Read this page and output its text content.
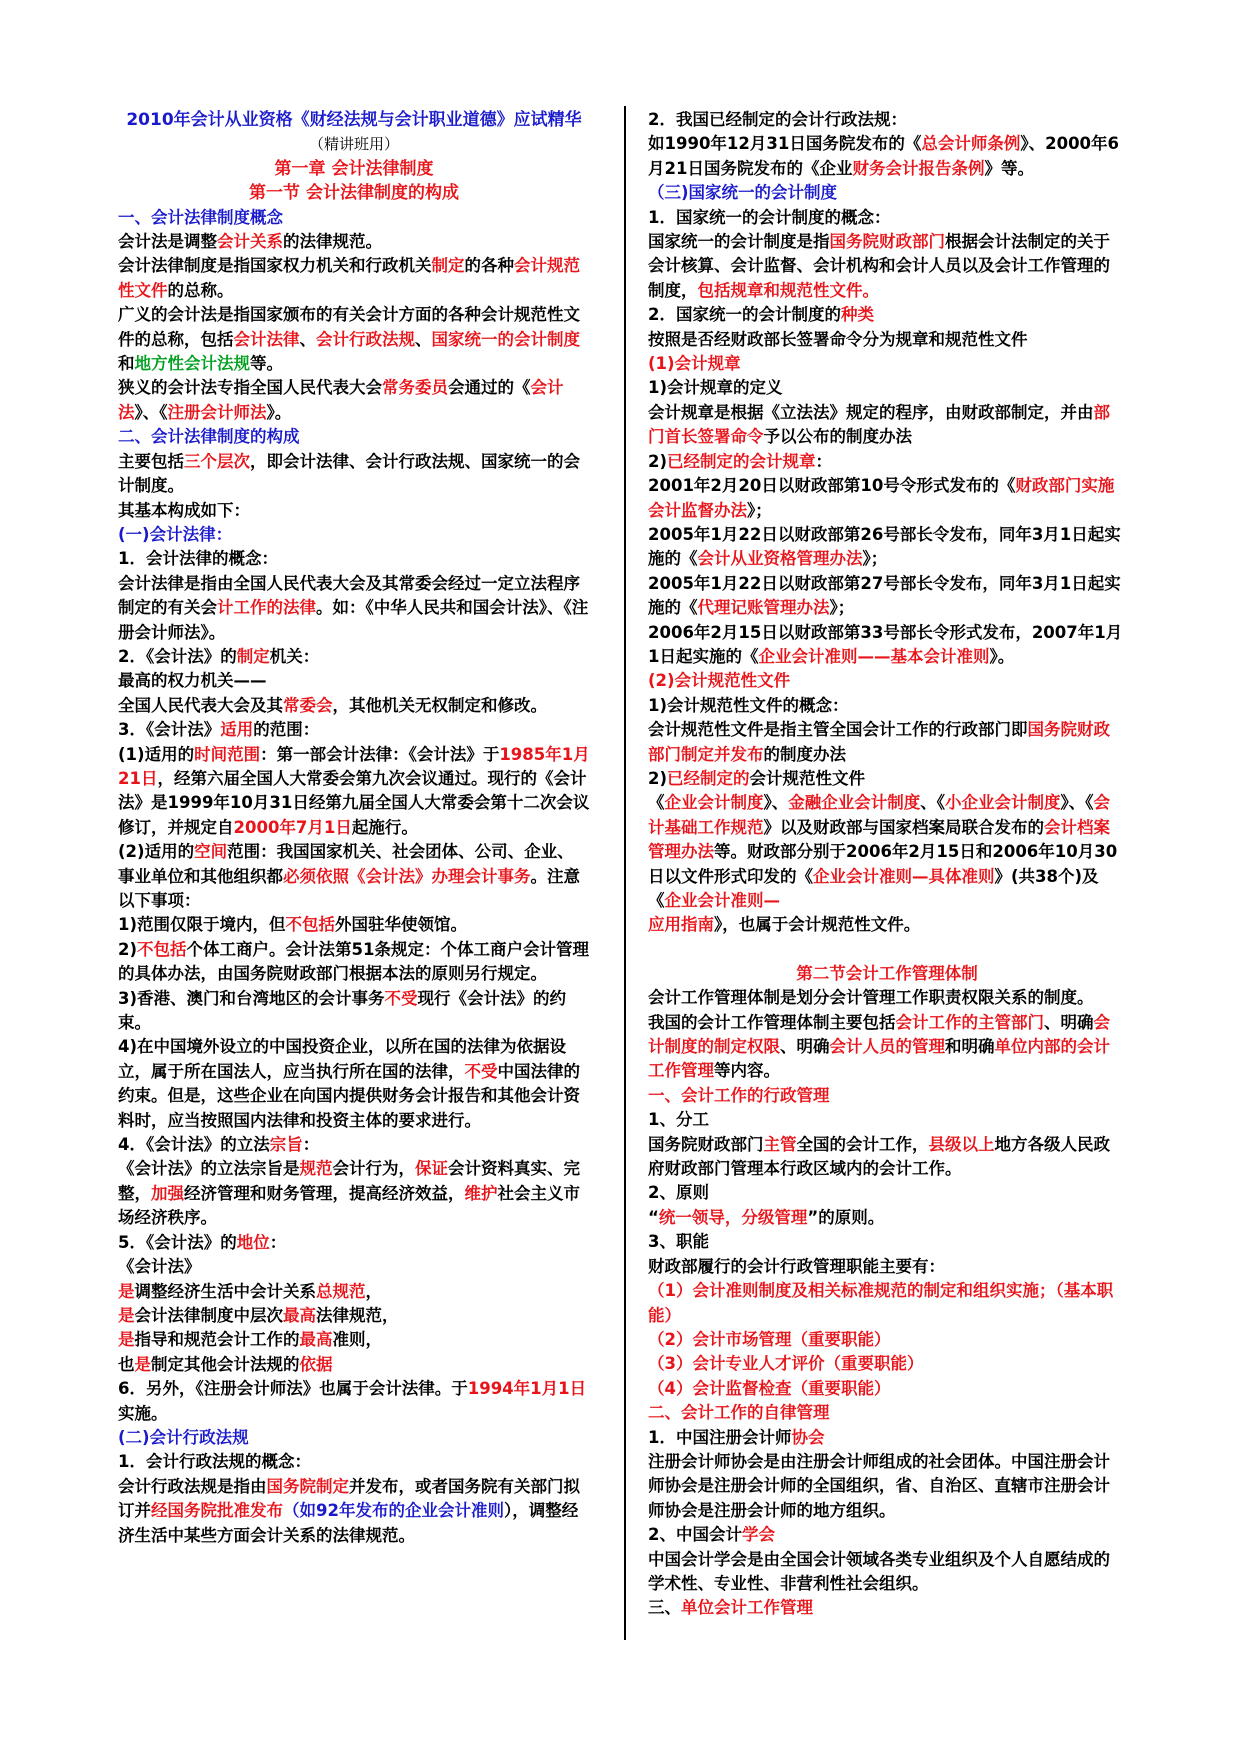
2010年会计从业资格《财经法规与会计职业道德》应试精华
（精讲班用）
第一章 会计法律制度
第一节 会计法律制度的构成
一、会计法律制度概念
会计法是调整会计关系的法律规范。
会计法律制度是指国家权力机关和行政机关制定的各种会计规范性文件的总称。
广义的会计法是指国家颁布的有关会计方面的各种会计规范性文件的总称，包括会计法律、会计行政法规、国家统一的会计制度和地方性会计法规等。
狭义的会计法专指全国人民代表大会常务委员会通过的《会计法》、《注册会计师法》。
二、会计法律制度的构成
主要包括三个层次，即会计法律、会计行政法规、国家统一的会计制度。
其基本构成如下：
(一)会计法律：
1．会计法律的概念：
会计法律是指由全国人民代表大会及其常委会经过一定立法程序制定的有关会计工作的法律。如：《中华人民共和国会计法》、《注册会计师法》。
2．《会计法》的制定机关：
最高的权力机关——
全国人民代表大会及其常委会，其他机关无权制定和修改。
3．《会计法》适用的范围：
(1)适用的时间范围：第一部会计法律：《会计法》于1985年1月21日，经第六届全国人大常委会第九次会议通过。现行的《会计法》是1999年10月31日经第九届全国人大常委会第十二次会议修订，并规定自2000年7月1日起施行。
(2)适用的空间范围：我国国家机关、社会团体、公司、企业、事业单位和其他组织都必须依照《会计法》办理会计事务。注意以下事项：
1)范围仅限于境内，但不包括外国驻华使领馆。
2)不包括个体工商户。会计法第51条规定：个体工商户会计管理的具体办法，由国务院财政部门根据本法的原则另行规定。
3)香港、澳门和台湾地区的会计事务不受现行《会计法》的约束。
4)在中国境外设立的中国投资企业，以所在国的法律为依据设立，属于所在国法人，应当执行所在国的法律，不受中国法律的约束。但是，这些企业在向国内提供财务会计报告和其他会计资料时，应当按照国内法律和投资主体的要求进行。
4．《会计法》的立法宗旨：
《会计法》的立法宗旨是规范会计行为，保证会计资料真实、完整，加强经济管理和财务管理，提高经济效益，维护社会主义市场经济秩序。
5．《会计法》的地位：
《会计法》
是调整经济生活中会计关系总规范，
是会计法律制度中层次最高法律规范，
是指导和规范会计工作的最高准则，
也是制定其他会计法规的依据
6．另外，《注册会计师法》也属于会计法律。于1994年1月1日实施。
(二)会计行政法规
1．会计行政法规的概念：
会计行政法规是指由国务院制定并发布，或者国务院有关部门拟订并经国务院批准发布（如92年发布的企业会计准则），调整经济生活中某些方面会计关系的法律规范。
2．我国已经制定的会计行政法规：
如1990年12月31日国务院发布的《总会计师条例》、2000年6月21日国务院发布的《企业财务会计报告条例》等。
（三)国家统一的会计制度
1．国家统一的会计制度的概念：
国家统一的会计制度是指国务院财政部门根据会计法制定的关于会计核算、会计监督、会计机构和会计人员以及会计工作管理的制度，包括规章和规范性文件。
2．国家统一的会计制度的种类
按照是否经财政部长签署命令分为规章和规范性文件
(1)会计规章
1)会计规章的定义
会计规章是根据《立法法》规定的程序，由财政部制定，并由部门首长签署命令予以公布的制度办法
2)已经制定的会计规章：
2001年2月20日以财政部第10号令形式发布的《财政部门实施会计监督办法》；
2005年1月22日以财政部第26号部长令发布，同年3月1日起实施的《会计从业资格管理办法》；
2005年1月22日以财政部第27号部长令发布，同年3月1日起实施的《代理记账管理办法》；
2006年2月15日以财政部第33号部长令形式发布，2007年1月1日起实施的《企业会计准则——基本会计准则》。
(2)会计规范性文件
1)会计规范性文件的概念：
会计规范性文件是指主管全国会计工作的行政部门即国务院财政部门制定并发布的制度办法
2)已经制定的会计规范性文件
《企业会计制度》、金融企业会计制度、《小企业会计制度》、《会计基础工作规范》以及财政部与国家档案局联合发布的会计档案管理办法等。财政部分别于2006年2月15日和2006年10月30日以文件形式印发的《企业会计准则—具体准则》(共38个)及《企业会计准则—
应用指南》，也属于会计规范性文件。
第二节会计工作管理体制
会计工作管理体制是划分会计管理工作职责权限关系的制度。
我国的会计工作管理体制主要包括会计工作的主管部门、明确会计制度的制定权限、明确会计人员的管理和明确单位内部的会计工作管理等内容。
一、会计工作的行政管理
1、分工
国务院财政部门主管全国的会计工作，县级以上地方各级人民政府财政部门管理本行政区域内的会计工作。
2、原则
“统一领导，分级管理”的原则。
3、职能
财政部履行的会计行政管理职能主要有：
（1）会计准则制度及相关标准规范的制定和组织实施；（基本职能）
（2）会计市场管理（重要职能）
（3）会计专业人才评价（重要职能）
（4）会计监督检查（重要职能）
二、会计工作的自律管理
1．中国注册会计师协会
注册会计师协会是由注册会计师组成的社会团体。中国注册会计师协会是注册会计师的全国组织，省、自治区、直辖市注册会计师协会是注册会计师的地方组织。
2、中国会计学会
中国会计学会是由全国会计领域各类专业组织及个人自愿结成的学术性、专业性、非营利性社会组织。
三、单位会计工作管理
